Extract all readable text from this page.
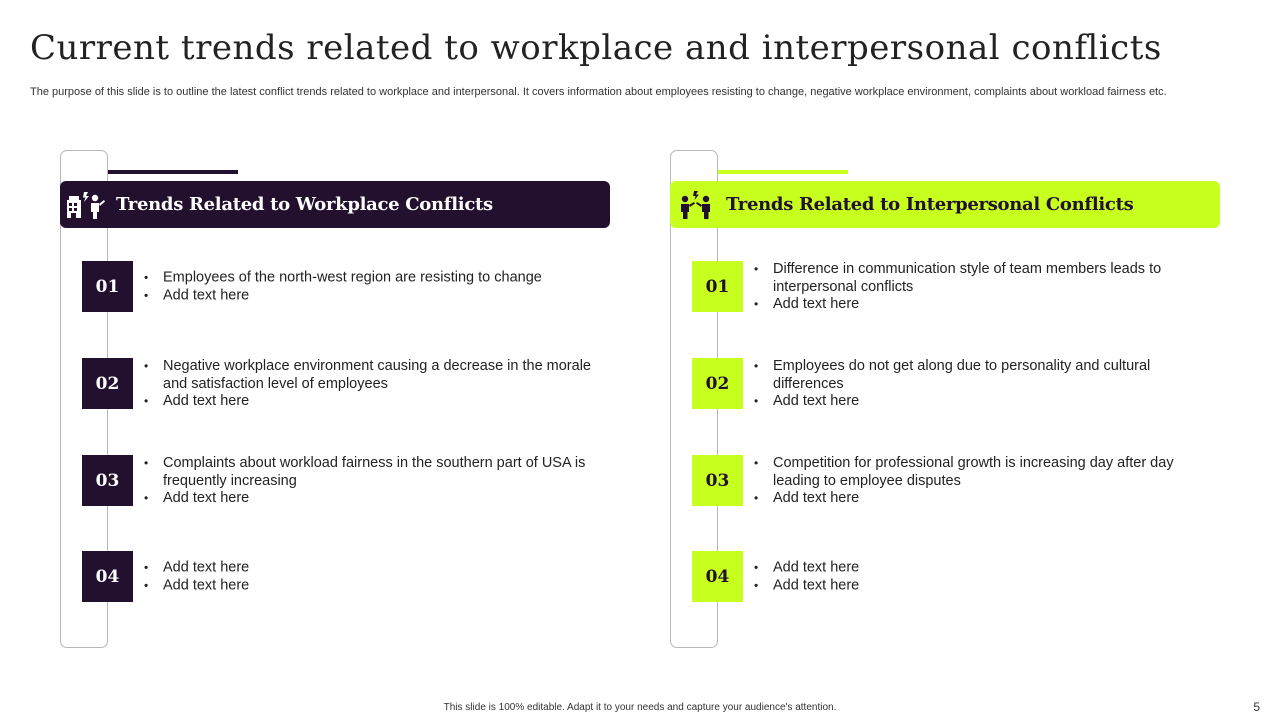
Current trends related to workplace and interpersonal conflicts

The purpose of this slide is to outline the latest conflict trends related to workplace and interpersonal. It covers information about employees resisting to change, negative workplace environment, complaints about workload fairness etc.

Trends Related to Workplace Conflicts
01	• Employees of the north-west region are resisting to change
• Add text here
02
• Negative workplace environment causing a decrease in the morale and satisfaction level of employees
• Add text here
03
• Complaints about workload fairness in the southern part of USA is frequently increasing
• Add text here
04	• Add text here
• Add text here
Trends Related to Interpersonal Conflicts
01
• Difference in communication style of team members leads to interpersonal conflicts
• Add text here
02
• Employees do not get along due to personality and cultural differences
• Add text here
03
• Competition for professional growth is increasing day after day leading to employee disputes
• Add text here
04	• Add text here
• Add text here
This slide is 100% editable. Adapt it to your needs and capture your audience's attention.	5
